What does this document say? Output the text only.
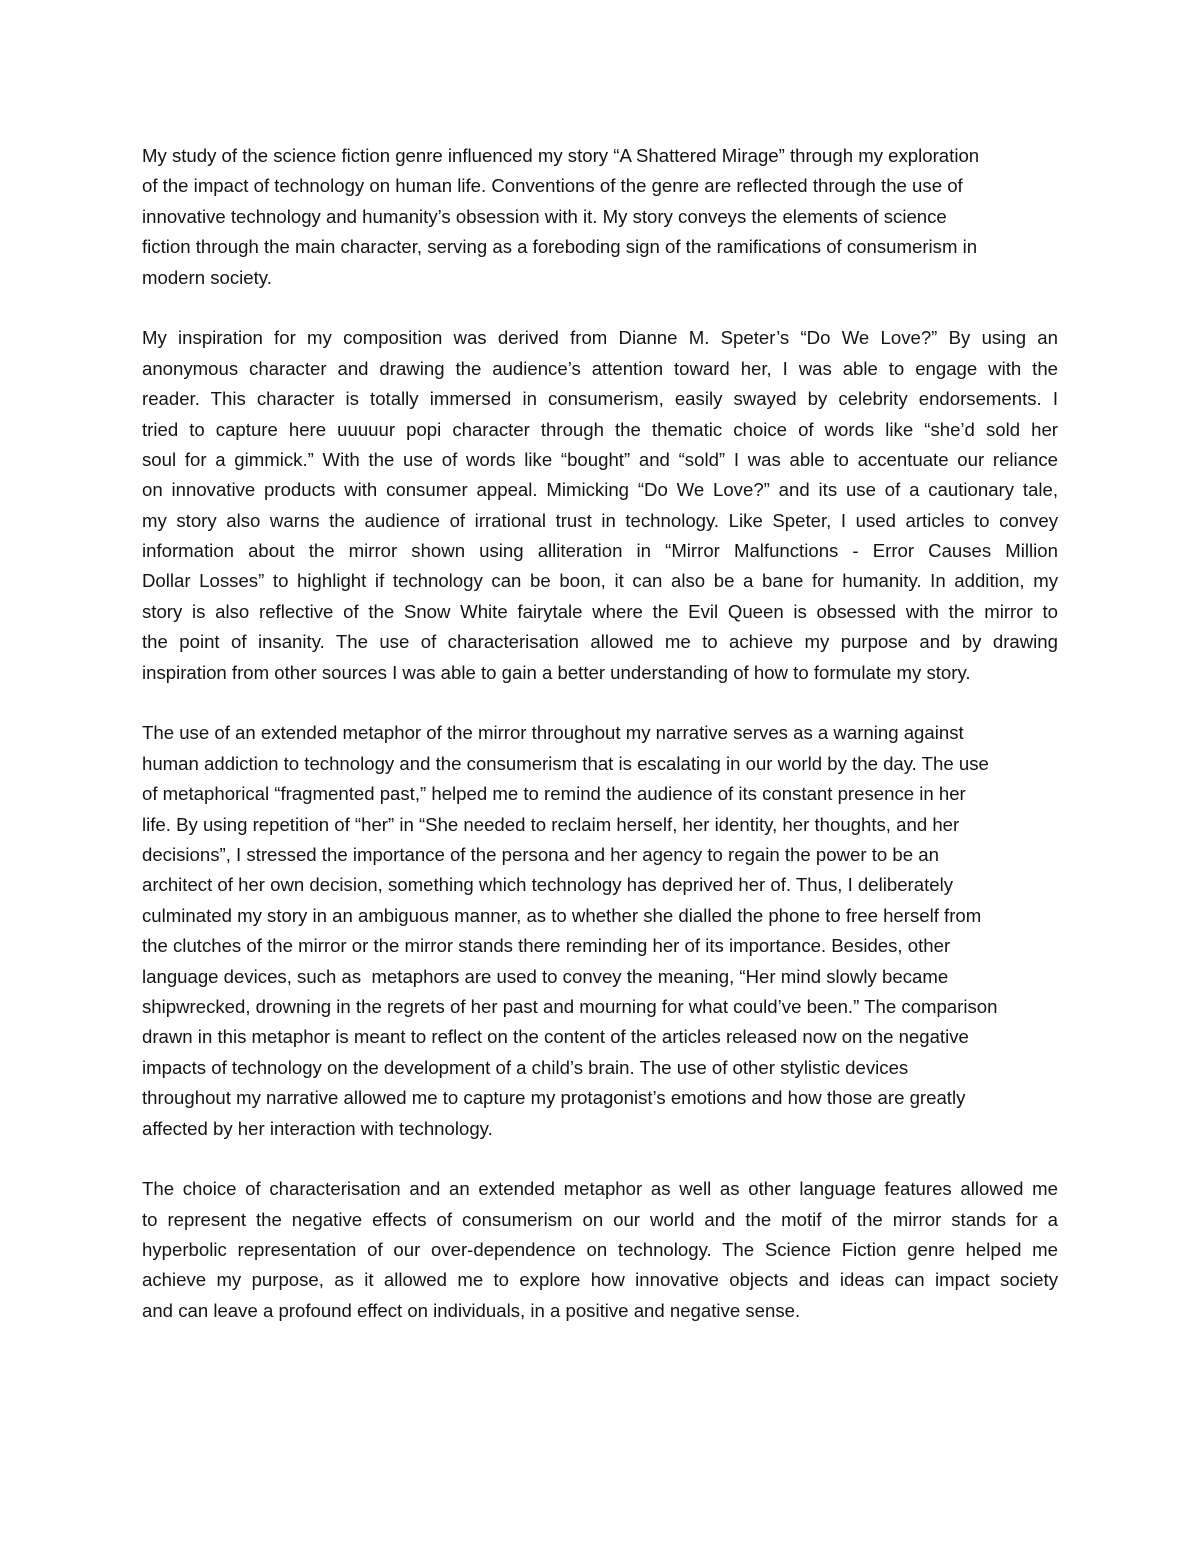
My study of the science fiction genre influenced my story “A Shattered Mirage” through my exploration
of the impact of technology on human life. Conventions of the genre are reflected through the use of
innovative technology and humanity’s obsession with it. My story conveys the elements of science
fiction through the main character, serving as a foreboding sign of the ramifications of consumerism in
modern society.
My inspiration for my composition was derived from Dianne M. Speter’s “Do We Love?” By using an
anonymous character and drawing the audience’s attention toward her, I was able to engage with the
reader. This character is totally immersed in consumerism, easily swayed by celebrity endorsements. I
tried to capture here uuuuur popi character through the thematic choice of words like “she’d sold her
soul for a gimmick.” With the use of words like “bought” and “sold” I was able to accentuate our reliance
on innovative products with consumer appeal. Mimicking “Do We Love?” and its use of a cautionary tale,
my story also warns the audience of irrational trust in technology. Like Speter, I used articles to convey
information about the mirror shown using alliteration in “Mirror Malfunctions - Error Causes Million
Dollar Losses” to highlight if technology can be boon, it can also be a bane for humanity. In addition, my
story is also reflective of the Snow White fairytale where the Evil Queen is obsessed with the mirror to
the point of insanity. The use of characterisation allowed me to achieve my purpose and by drawing
inspiration from other sources I was able to gain a better understanding of how to formulate my story.
The use of an extended metaphor of the mirror throughout my narrative serves as a warning against
human addiction to technology and the consumerism that is escalating in our world by the day. The use
of metaphorical “fragmented past,” helped me to remind the audience of its constant presence in her
life. By using repetition of “her” in “She needed to reclaim herself, her identity, her thoughts, and her
decisions”, I stressed the importance of the persona and her agency to regain the power to be an
architect of her own decision, something which technology has deprived her of. Thus, I deliberately
culminated my story in an ambiguous manner, as to whether she dialled the phone to free herself from
the clutches of the mirror or the mirror stands there reminding her of its importance. Besides, other
language devices, such as  metaphors are used to convey the meaning, “Her mind slowly became
shipwrecked, drowning in the regrets of her past and mourning for what could’ve been.” The comparison
drawn in this metaphor is meant to reflect on the content of the articles released now on the negative
impacts of technology on the development of a child’s brain. The use of other stylistic devices
throughout my narrative allowed me to capture my protagonist’s emotions and how those are greatly
affected by her interaction with technology.
The choice of characterisation and an extended metaphor as well as other language features allowed me
to represent the negative effects of consumerism on our world and the motif of the mirror stands for a
hyperbolic representation of our over-dependence on technology. The Science Fiction genre helped me
achieve my purpose, as it allowed me to explore how innovative objects and ideas can impact society
and can leave a profound effect on individuals, in a positive and negative sense.
